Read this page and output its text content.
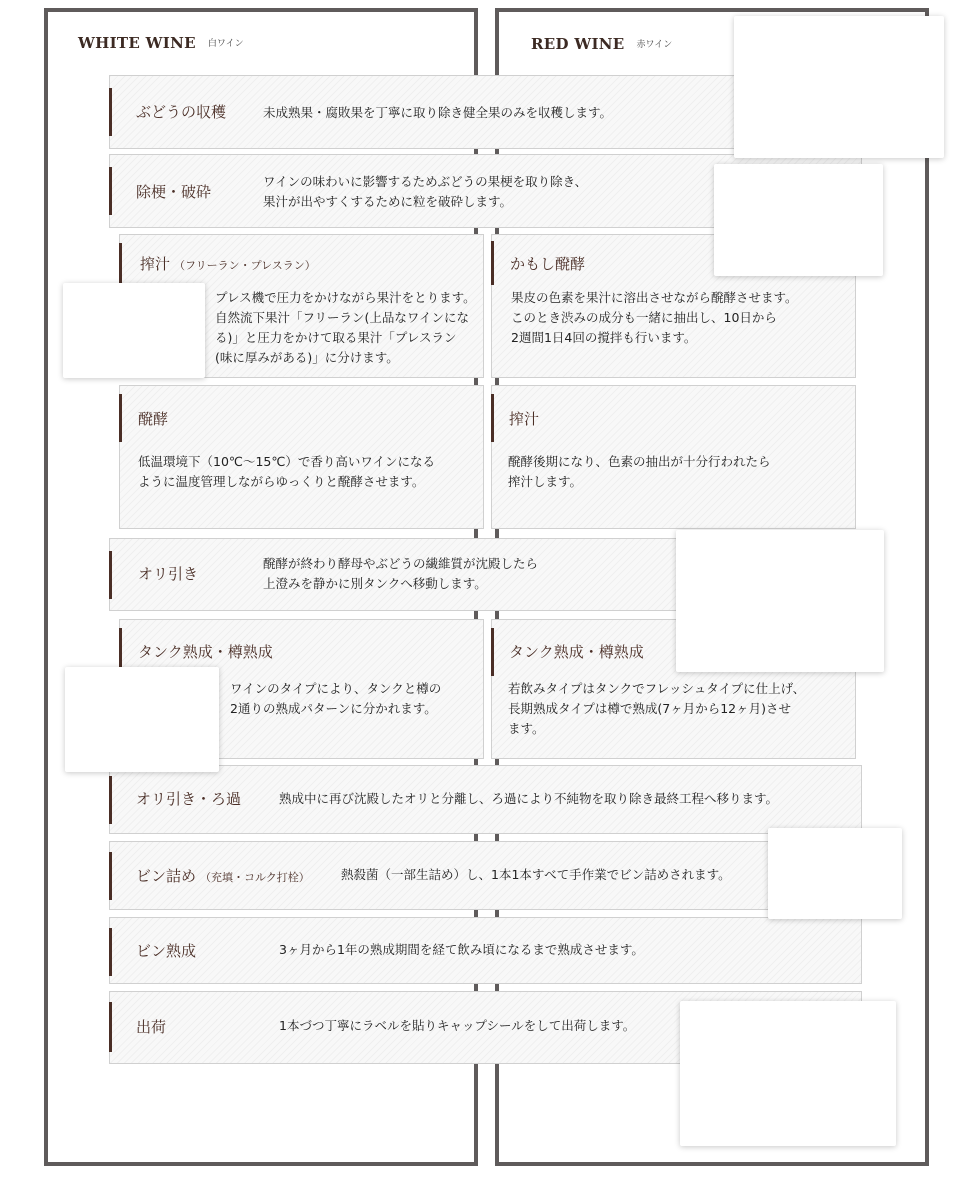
WHITE WINE 白ワイン	RED WINE 赤ワイン
ぶどうの収穫	未成熟果・腐敗果を丁寧に取り除き健全果のみを収穫します。
除梗・破砕
ワインの味わいに影響するためぶどうの果梗を取り除き、
果汁が出やすくするために粒を破砕します。
搾汁 （フリーラン・プレスラン）
プレス機で圧力をかけながら果汁をとります。
自然流下果汁「フリーラン(上品なワインにな
る)」と圧力をかけて取る果汁「プレスラン
(味に厚みがある)」に分けます。
かもし醗酵
果皮の色素を果汁に溶出させながら醗酵させます。
このとき渋みの成分も一緒に抽出し、10日から
2週間1日4回の撹拌も行います。
醗酵
低温環境下（10℃～15℃）で香り高いワインになる
ように温度管理しながらゆっくりと醗酵させます。
搾汁
醗酵後期になり、色素の抽出が十分行われたら
搾汁します。
オリ引き
醗酵が終わり酵母やぶどうの繊維質が沈殿したら
上澄みを静かに別タンクへ移動します。
タンク熟成・樽熟成
ワインのタイプにより、タンクと樽の
2通りの熟成パターンに分かれます。
タンク熟成・樽熟成
若飲みタイプはタンクでフレッシュタイプに仕上げ、
長期熟成タイプは樽で熟成(7ヶ月から12ヶ月)させ
ます。
オリ引き・ろ過	熟成中に再び沈殿したオリと分離し、ろ過により不純物を取り除き最終工程へ移ります。
ビン詰め （充填・コルク打栓） 熱殺菌（一部生詰め）し、1本1本すべて手作業でビン詰めされます。
ビン熟成	3ヶ月から1年の熟成期間を経て飲み頃になるまで熟成させます。
出荷	1本づつ丁寧にラベルを貼りキャップシールをして出荷します。
